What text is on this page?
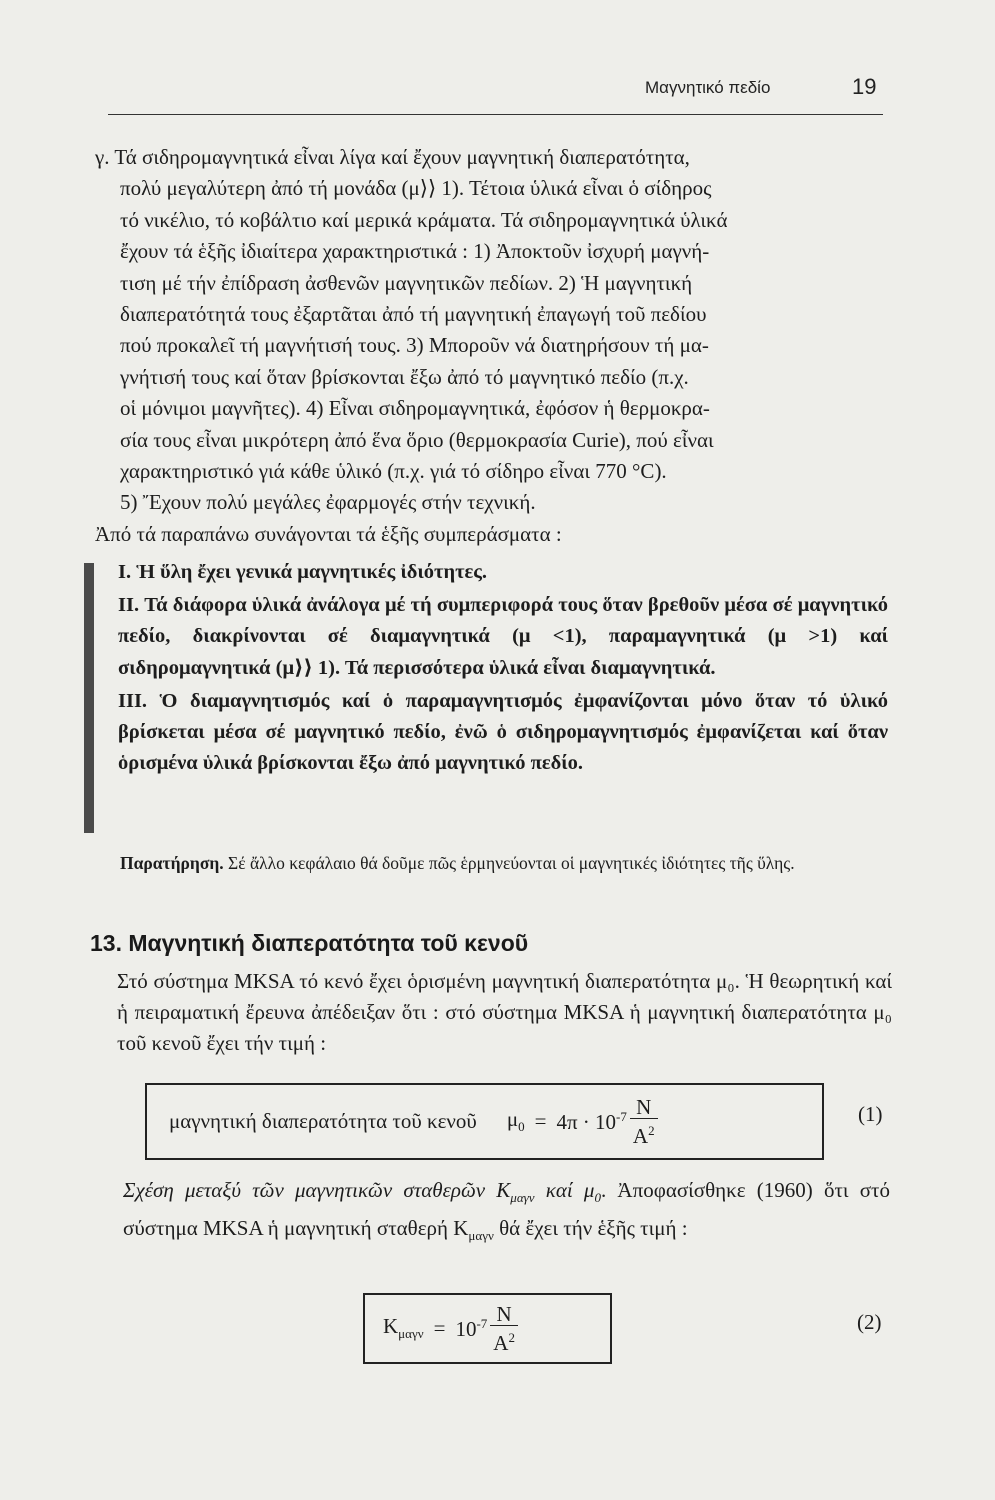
Μαγνητικό πεδίο	19

γ. Τά σιδηρομαγνητικά εἶναι λίγα καί ἔχουν μαγνητική διαπερατότητα,

πολύ μεγαλύτερη ἀπό τή μονάδα (μ⟩⟩ 1). Τέτοια ὑλικά εἶναι ὁ σίδηρος

τό νικέλιο, τό κοβάλτιο καί μερικά κράματα. Τά σιδηρομαγνητικά ὑλικά

ἔχουν τά ἑξῆς ἰδιαίτερα χαρακτηριστικά : 1) Ἀποκτοῦν ἰσχυρή μαγνή-

τιση μέ τήν ἐπίδραση ἀσθενῶν μαγνητικῶν πεδίων. 2) Ἡ μαγνητική

διαπερατότητά τους ἐξαρτᾶται ἀπό τή μαγνητική ἐπαγωγή τοῦ πεδίου

πού προκαλεῖ τή μαγνήτισή τους. 3) Μποροῦν νά διατηρήσουν τή μα-

γνήτισή τους καί ὅταν βρίσκονται ἔξω ἀπό τό μαγνητικό πεδίο (π.χ.

οἱ μόνιμοι μαγνῆτες). 4) Εἶναι σιδηρομαγνητικά, ἐφόσον ἡ θερμοκρα-

σία τους εἶναι μικρότερη ἀπό ἕνα ὅριο (θερμοκρασία Curie), πού εἶναι

χαρακτηριστικό γιά κάθε ὑλικό (π.χ. γιά τό σίδηρο εἶναι 770 °C).

5) Ἔχουν πολύ μεγάλες ἐφαρμογές στήν τεχνική.

Ἀπό τά παραπάνω συνάγονται τά ἑξῆς συμπεράσματα :

I. Ἡ ὕλη ἔχει γενικά μαγνητικές ἰδιότητες.

II. Τά διάφορα ὑλικά ἀνάλογα μέ τή συμπεριφορά τους ὅταν βρεθοῦν μέσα σέ μαγνητικό πεδίο, διακρίνονται σέ διαμαγνητικά (μ <1), παραμαγνητικά (μ >1) καί σιδηρομαγνητικά (μ⟩⟩ 1). Τά περισσότερα ὑλικά εἶναι διαμαγνητικά.

III. Ὁ διαμαγνητισμός καί ὁ παραμαγνητισμός ἐμφανίζονται μόνο ὅταν τό ὑλικό βρίσκεται μέσα σέ μαγνητικό πεδίο, ἐνῶ ὁ σιδηρομαγνητισμός ἐμφανίζεται καί ὅταν ὁρισμένα ὑλικά βρίσκονται ἔξω ἀπό μαγνητικό πεδίο.

Παρατήρηση. Σέ ἄλλο κεφάλαιο θά δοῦμε πῶς ἑρμηνεύονται οἱ μαγνητικές ἰδιότητες τῆς ὕλης.
13. Μαγνητική διαπερατότητα τοῦ κενοῦ

Στό σύστημα MKSA τό κενό ἔχει ὁρισμένη μαγνητική διαπερατότητα μ₀. Ἡ θεωρητική καί ἡ πειραματική ἔρευνα ἀπέδειξαν ὅτι : στό σύστημα MKSA ἡ μαγνητική διαπερατότητα μ₀ τοῦ κενοῦ ἔχει τήν τιμή :

μαγνητική διαπερατότητα τοῦ κενοῦ $\mu_0 = 4\pi \cdot 10^{-7} \frac{N}{A^2}$	(1)

Σχέση μεταξύ τῶν μαγνητικῶν σταθερῶν $K_{\mu\alpha\gamma\nu}$ καί $\mu_0$. Ἀποφασίσθηκε (1960) ὅτι στό σύστημα MKSA ἡ μαγνητική σταθερή $K_{\mu\alpha\gamma\nu}$ θά ἔχει τήν ἑξῆς τιμή :

$K_{\mu\alpha\gamma\nu} = 10^{-7} \frac{N}{A^2}$	(2)
